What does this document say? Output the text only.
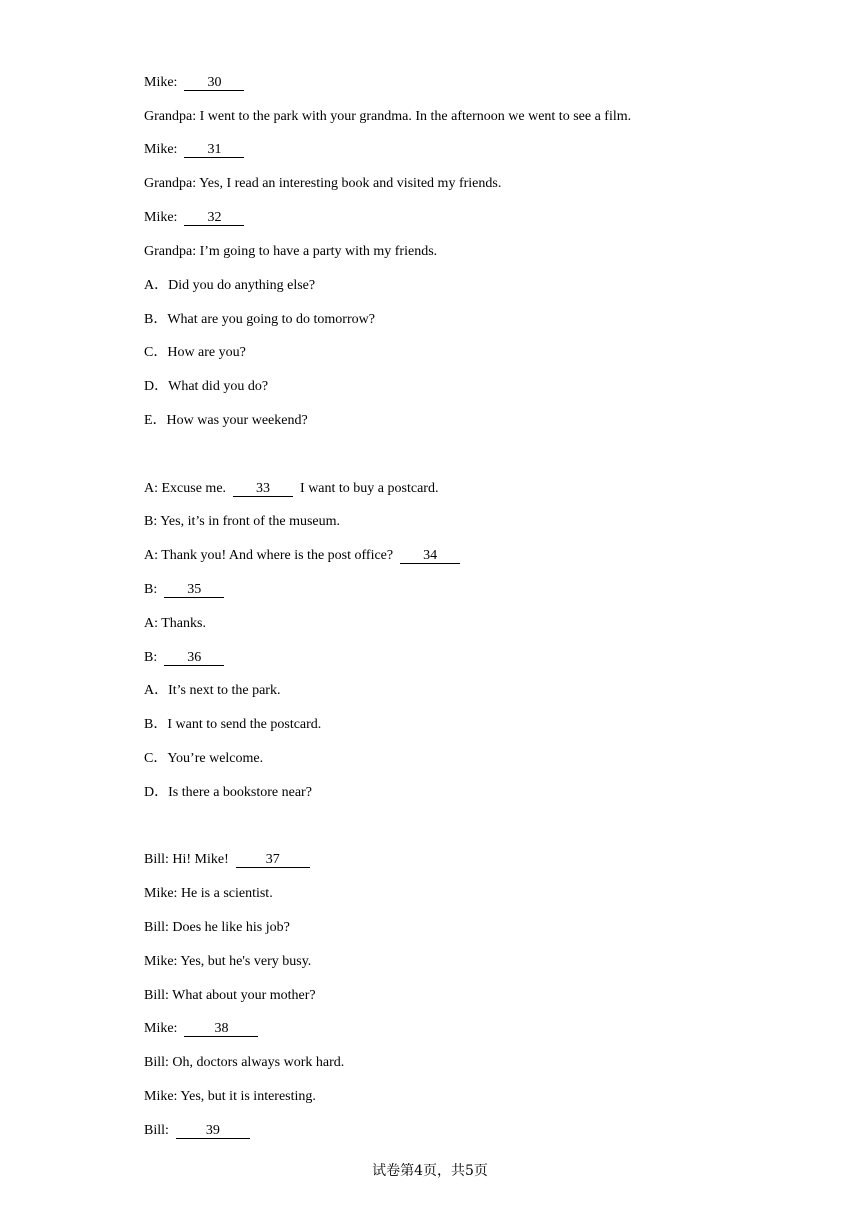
Mike: 30
Grandpa: I went to the park with your grandma. In the afternoon we went to see a film.
Mike: 31
Grandpa: Yes, I read an interesting book and visited my friends.
Mike: 32
Grandpa: I’m going to have a party with my friends.
A．Did you do anything else?
B．What are you going to do tomorrow?
C．How are you?
D．What did you do?
E．How was your weekend?
A: Excuse me. 33 I want to buy a postcard.
B: Yes, it’s in front of the museum.
A: Thank you! And where is the post office? 34
B: 35
A: Thanks.
B: 36
A．It’s next to the park.
B．I want to send the postcard.
C．You’re welcome.
D．Is there a bookstore near?
Bill: Hi! Mike!	37
Mike: He is a scientist.
Bill: Does he like his job?
Mike: Yes, but he's very busy.
Bill: What about your mother?
Mike:	38
Bill: Oh, doctors always work hard.
Mike: Yes, but it is interesting.
Bill:	39
试卷第4页，共5页
